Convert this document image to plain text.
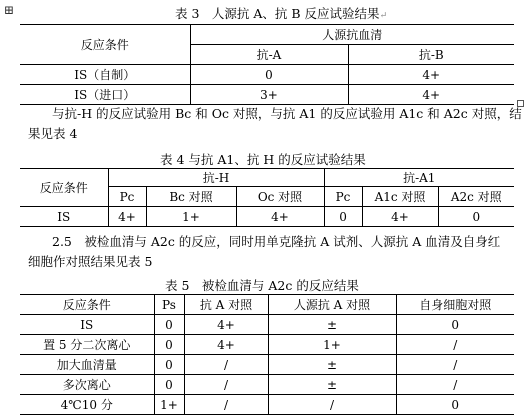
⊞	表 3　人源抗 A、抗 B 反应试验结果↵
反应条件	人源抗血清	
	抗-A	抗-B
IS（自制）	0	4+
IS（进口）	3+	4+
与抗-H 的反应试验用 Bc 和 Oc 对照，与抗 A1 的反应试验用 A1c 和 A2c 对照，结
果见表 4
表 4 与抗 A1、抗 H 的反应试验结果
反应条件	抗-H			抗-A1		
	Pc	Bc 对照	Oc 对照	Pc	A1c 对照	A2c 对照
IS	4+	1+	4+	0	4+	0
2.5　被检血清与 A2c 的反应，同时用单克隆抗 A 试剂、人源抗 A 血清及自身红
细胞作对照结果见表 5
表 5　被检血清与 A2c 的反应结果
反应条件	Ps	抗 A 对照	人源抗 A 对照	自身细胞对照
IS	0	4+	±	0
置 5 分二次离心	0	4+	1+	/
加大血清量	0	/	±	/
多次离心	0	/	±	/
4℃10 分	1+	/	/	0
